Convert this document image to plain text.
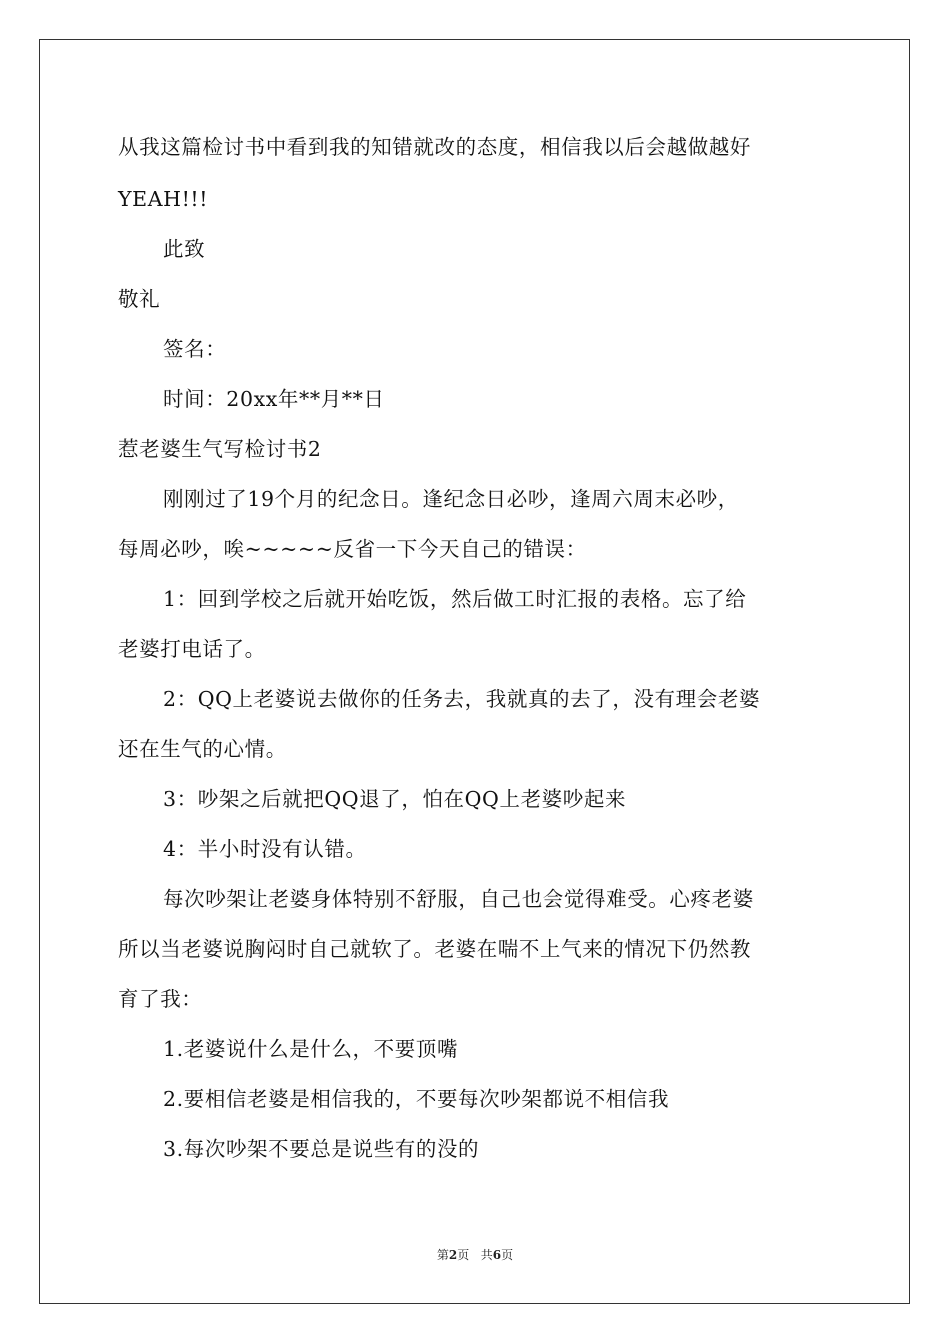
从我这篇检讨书中看到我的知错就改的态度，相信我以后会越做越好
YEAH!!!
此致
敬礼
签名：
时间：20xx年**月**日
惹老婆生气写检讨书2
刚刚过了19个月的纪念日。逢纪念日必吵，逢周六周末必吵，
每周必吵，唉~~~~~反省一下今天自己的错误：
1：回到学校之后就开始吃饭，然后做工时汇报的表格。忘了给
老婆打电话了。
2：QQ上老婆说去做你的任务去，我就真的去了，没有理会老婆
还在生气的心情。
3：吵架之后就把QQ退了，怕在QQ上老婆吵起来
4：半小时没有认错。
每次吵架让老婆身体特别不舒服，自己也会觉得难受。心疼老婆
所以当老婆说胸闷时自己就软了。老婆在喘不上气来的情况下仍然教
育了我：
1.老婆说什么是什么，不要顶嘴
2.要相信老婆是相信我的，不要每次吵架都说不相信我
3.每次吵架不要总是说些有的没的
第2页 共6页
